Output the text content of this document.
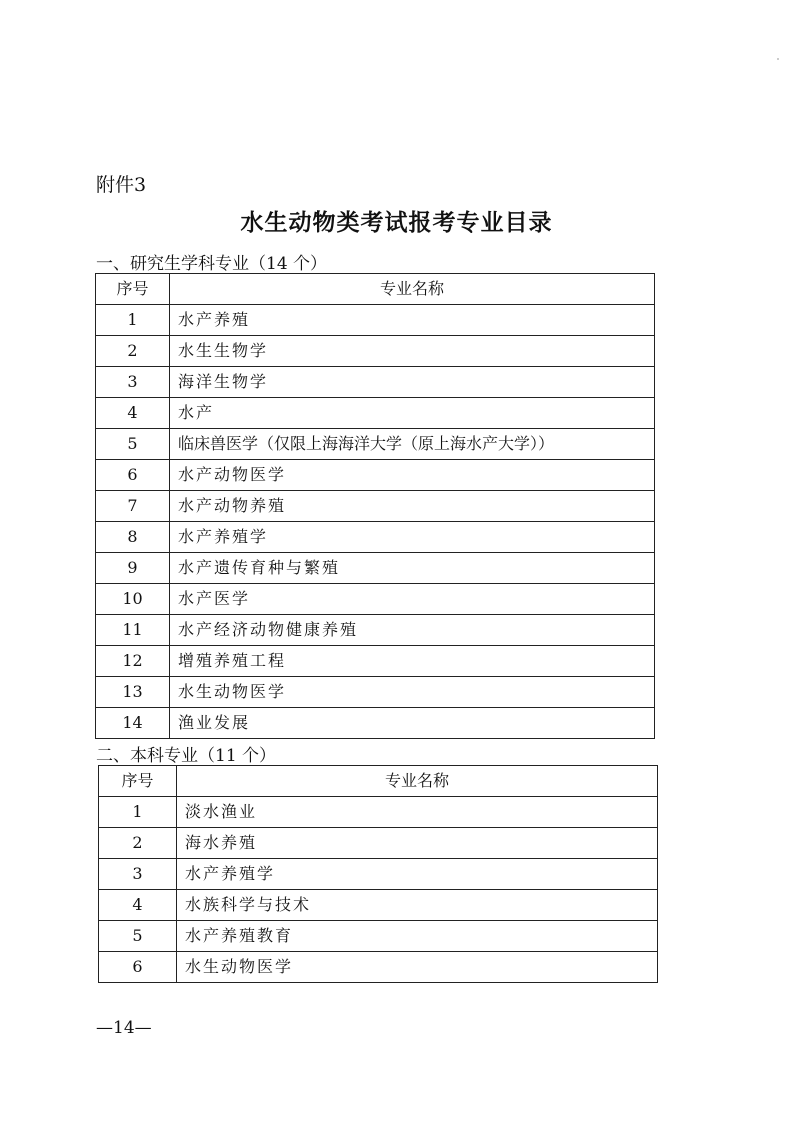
附件3
水生动物类考试报考专业目录
一、研究生学科专业（14 个）
序号	专业名称
1	水产养殖
2	水生生物学
3	海洋生物学
4	水产
5	临床兽医学（仅限上海海洋大学（原上海水产大学））
6	水产动物医学
7	水产动物养殖
8	水产养殖学
9	水产遗传育种与繁殖
10	水产医学
11	水产经济动物健康养殖
12	增殖养殖工程
13	水生动物医学
14	渔业发展
二、本科专业（11 个）
序号	专业名称
1	淡水渔业
2	海水养殖
3	水产养殖学
4	水族科学与技术
5	水产养殖教育
6	水生动物医学
—14—
